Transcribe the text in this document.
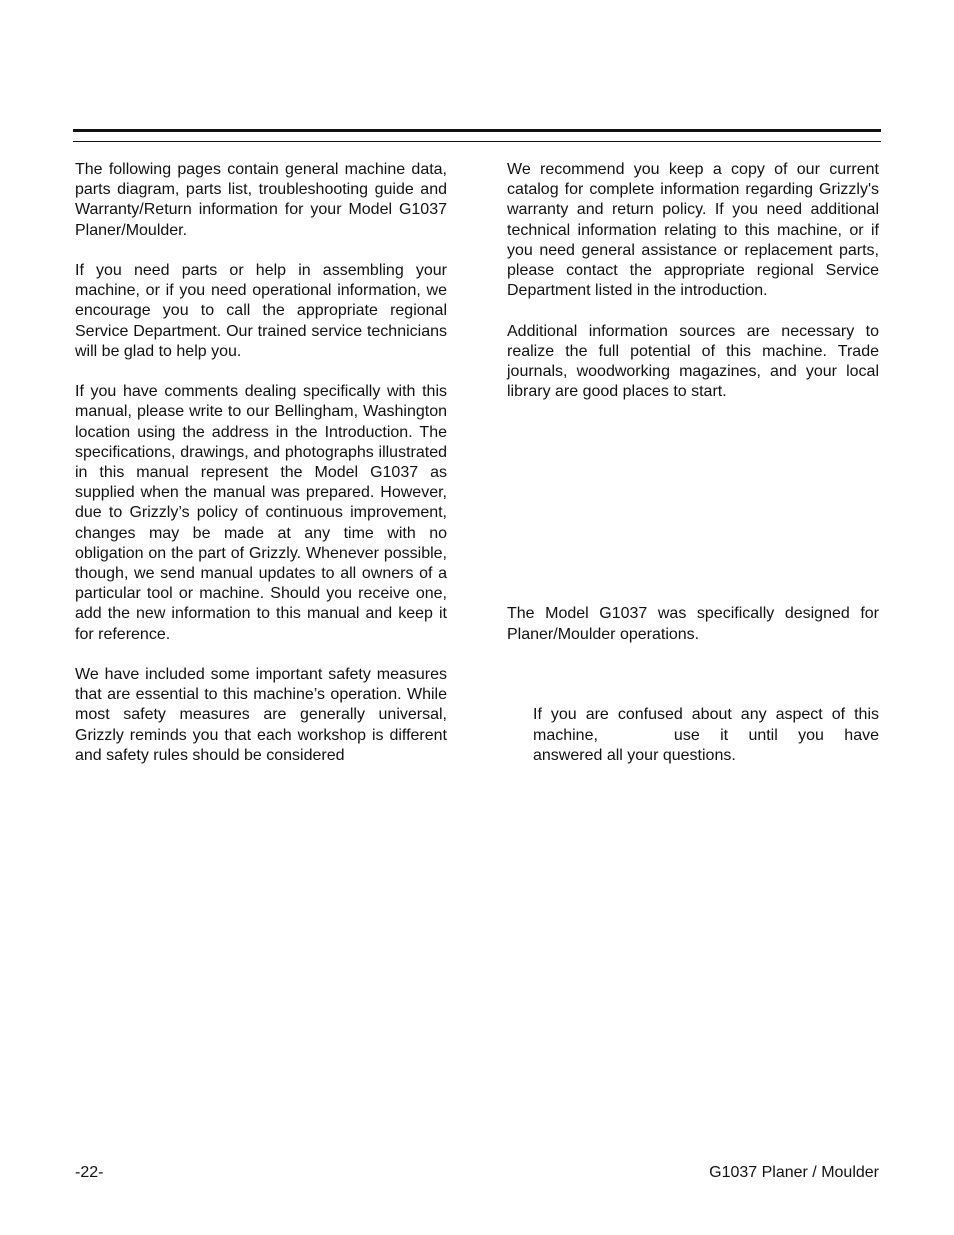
The following pages contain general machine data, parts diagram, parts list, troubleshooting guide and Warranty/Return information for your Model G1037 Planer/Moulder.

If you need parts or help in assembling your machine, or if you need operational information, we encourage you to call the appropriate regional Service Department. Our trained service technicians will be glad to help you.

If you have comments dealing specifically with this manual, please write to our Bellingham, Washington location using the address in the Introduction. The specifications, drawings, and photographs illustrated in this manual represent the Model G1037 as supplied when the manual was prepared. However, due to Grizzly’s policy of continuous improvement, changes may be made at any time with no obligation on the part of Grizzly. Whenever possible, though, we send manual updates to all owners of a particular tool or machine. Should you receive one, add the new information to this manual and keep it for reference.

We have included some important safety measures that are essential to this machine’s operation. While most safety measures are generally universal, Grizzly reminds you that each workshop is different and safety rules should be considered

We recommend you keep a copy of our current catalog for complete information regarding Grizzly's warranty and return policy. If you need additional technical information relating to this machine, or if you need general assistance or replacement parts, please contact the appropriate regional Service Department listed in the introduction.

Additional information sources are necessary to realize the full potential of this machine. Trade journals, woodworking magazines, and your local library are good places to start.

The Model G1037 was specifically designed for Planer/Moulder operations.

If you are confused about any aspect of this machine,	use it until you have answered all your questions.

-22-	G1037 Planer / Moulder
